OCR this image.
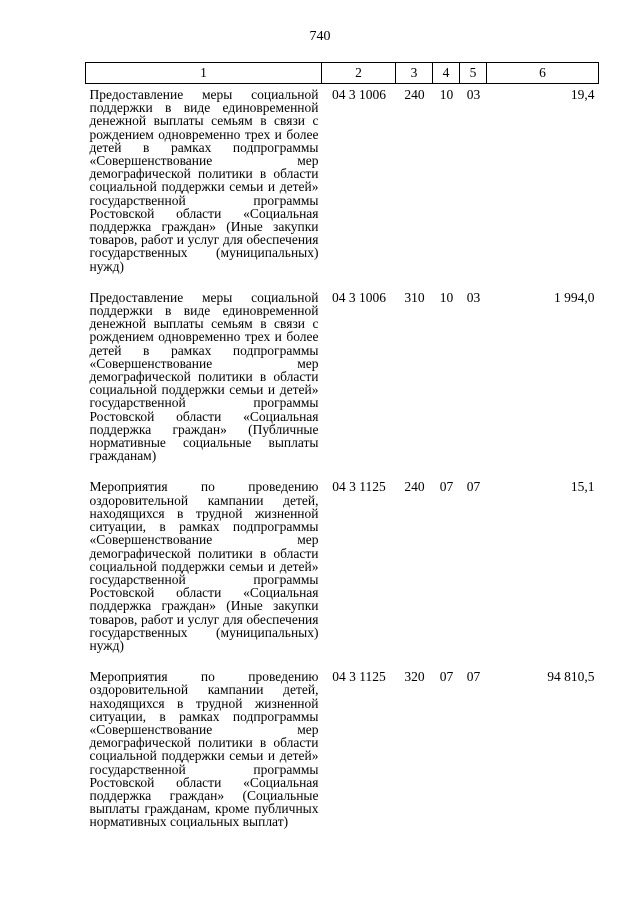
740
1	2	3	4	5	6
Предоставление меры социальной поддержки в виде единовременной денежной выплаты семьям в связи с рождением одновременно трех и более детей в рамках подпрограммы «Совершенствование мер демографической политики в области социальной поддержки семьи и детей» государственной программы Ростовской области «Социальная поддержка граждан» (Иные закупки товаров, работ и услуг для обеспечения государственных (муниципальных) нужд)	04 3 1006	240	10	03	19,4
Предоставление меры социальной поддержки в виде единовременной денежной выплаты семьям в связи с рождением одновременно трех и более детей в рамках подпрограммы «Совершенствование мер демографической политики в области социальной поддержки семьи и детей» государственной программы Ростовской области «Социальная поддержка граждан» (Публичные нормативные социальные выплаты гражданам)	04 3 1006	310	10	03	1 994,0
Мероприятия по проведению оздоровительной кампании детей, находящихся в трудной жизненной ситуации, в рамках подпрограммы «Совершенствование мер демографической политики в области социальной поддержки семьи и детей» государственной программы Ростовской области «Социальная поддержка граждан» (Иные закупки товаров, работ и услуг для обеспечения государственных (муниципальных) нужд)	04 3 1125	240	07	07	15,1
Мероприятия по проведению оздоровительной кампании детей, находящихся в трудной жизненной ситуации, в рамках подпрограммы «Совершенствование мер демографической политики в области социальной поддержки семьи и детей» государственной программы Ростовской области «Социальная поддержка граждан» (Социальные выплаты гражданам, кроме публичных нормативных социальных выплат)	04 3 1125	320	07	07	94 810,5
